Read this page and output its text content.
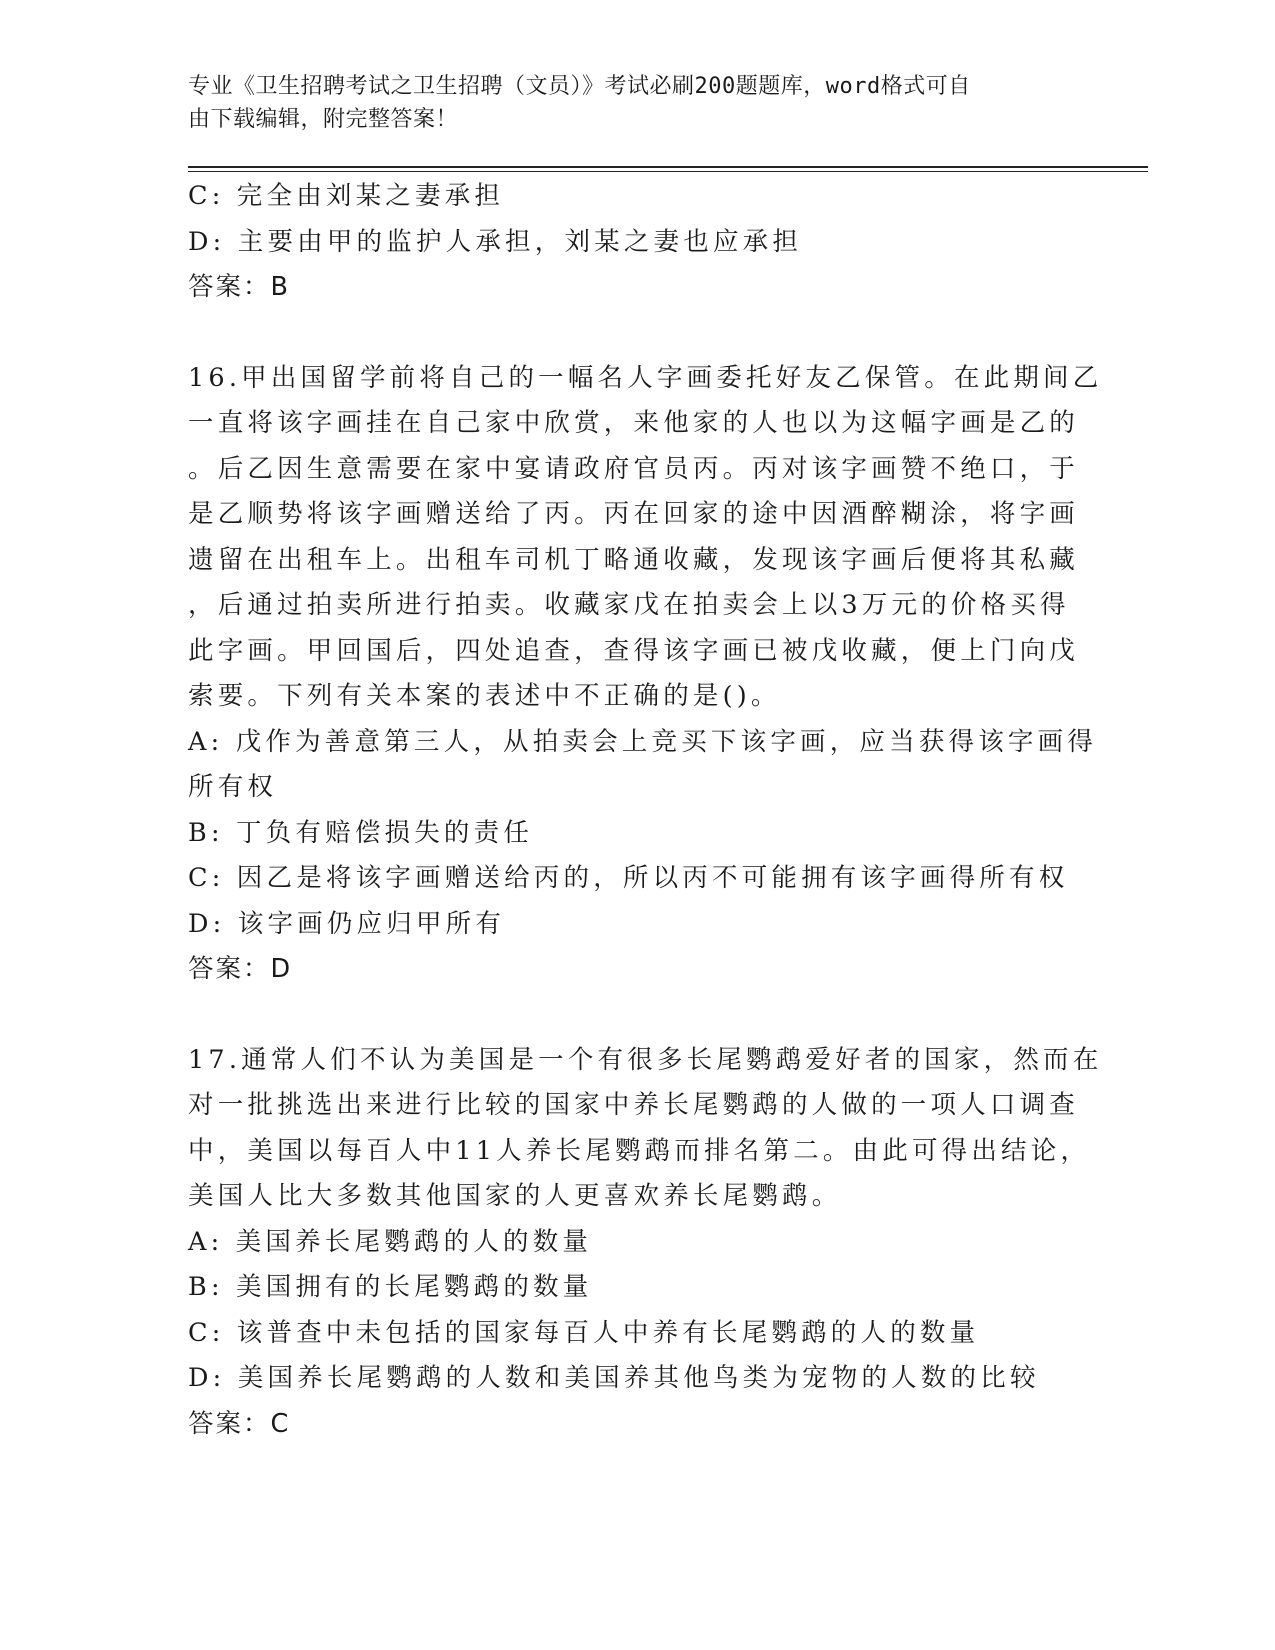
专业《卫生招聘考试之卫生招聘（文员）》考试必刷200题题库，word格式可自
由下载编辑，附完整答案！

C: 完全由刘某之妻承担

D: 主要由甲的监护人承担，刘某之妻也应承担

答案：B

16.甲出国留学前将自己的一幅名人字画委托好友乙保管。在此期间乙

一直将该字画挂在自己家中欣赏，来他家的人也以为这幅字画是乙的

。后乙因生意需要在家中宴请政府官员丙。丙对该字画赞不绝口，于

是乙顺势将该字画赠送给了丙。丙在回家的途中因酒醉糊涂，将字画

遗留在出租车上。出租车司机丁略通收藏，发现该字画后便将其私藏

，后通过拍卖所进行拍卖。收藏家戊在拍卖会上以3万元的价格买得

此字画。甲回国后，四处追查，查得该字画已被戊收藏，便上门向戊

索要。下列有关本案的表述中不正确的是()。

A: 戊作为善意第三人，从拍卖会上竞买下该字画，应当获得该字画得

所有权

B: 丁负有赔偿损失的责任

C: 因乙是将该字画赠送给丙的，所以丙不可能拥有该字画得所有权

D: 该字画仍应归甲所有

答案：D

17.通常人们不认为美国是一个有很多长尾鹦鹉爱好者的国家，然而在

对一批挑选出来进行比较的国家中养长尾鹦鹉的人做的一项人口调查

中，美国以每百人中11人养长尾鹦鹉而排名第二。由此可得出结论，

美国人比大多数其他国家的人更喜欢养长尾鹦鹉。

A: 美国养长尾鹦鹉的人的数量

B: 美国拥有的长尾鹦鹉的数量

C: 该普查中未包括的国家每百人中养有长尾鹦鹉的人的数量

D: 美国养长尾鹦鹉的人数和美国养其他鸟类为宠物的人数的比较

答案：C
